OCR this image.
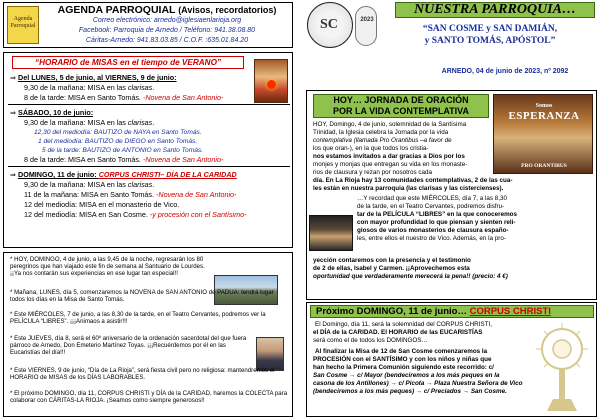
Agenda
Parroquial
AGENDA PARROQUIAL (Avisos, recordatorios)
Correo electrónico: arnedo@iglesiaenlarioja.org
Facebook: Parroquia de Arnedo / Teléfono: 941.38.08.80
Cáritas-Arnedo: 941.83.03.85 / C.O.F. :635.01.84.20
“HORARIO de MISAS en el tiempo de VERANO”
⇒ Del LUNES, 5 de junio, al VIERNES, 9 de junio:
9,30 de la mañana: MISA en las clarisas.
8 de la tarde: MISA en Santo Tomás. -Novena de San Antonio-
⇒ SÁBADO, 10 de junio:
9,30 de la mañana: MISA en las clarisas.
12,30 del mediodía: BAUTIZO de NAYA en Santo Tomás.
1 del mediodía: BAUTIZO de DIEGO en Santo Tomás.
5 de la tarde: BAUTIZO de ANTONIO en Santo Tomás.
8 de la tarde: MISA en Santo Tomás. -Novena de San Antonio-
⇒ DOMINGO, 11 de junio: CORPUS CHRISTI– DÍA DE LA CARIDAD
9,30 de la mañana: MISA en las clarisas.
11 de la mañana: MISA en Santo Tomás. -Novena de San Antonio-
12 del mediodía: MISA en el monasterio de Vico.
12 del mediodía: MISA en San Cosme. -y procesión con el Santísimo-
* HOY, DOMINGO, 4 de junio, a las 9,45 de la noche, regresarán los 80 peregrinos que han viajado este fin de semana al Santuario de Lourdes. ¡¡Ya nos contarán sus experiencias en ese lugar tan especial!!
* Mañana, LUNES, día 5, comenzaremos la NOVENA de SAN ANTONIO de PADUA: tendrá lugar todos los días en la Misa de Santo Tomás.
* Este MIÉRCOLES, 7 de junio, a las 8,30 de la tarde, en el Teatro Cervantes, podremos ver la PELÍCULA “LIBRES”. ¡¡¡Animaos a asistir!!!
* Este JUEVES, día 8, será el 60º aniversario de la ordenación sacerdotal del que fuera párroco de Arnedo, Don Emeterio Martínez Toyas. ¡¡¡Recuérdemos por él en las Eucaristías del día!!!
* Este VIERNES, 9 de junio, “Día de La Rioja”, será fiesta civil pero no religiosa: mantendremos el HORARIO de MISAS de los DÍAS LABORABLES.
* El próximo DOMINGO, día 11, CORPUS CHRISTI y DÍA de la CARIDAD, haremos la COLECTA para colaborar con CÁRITAS-LA RIOJA. ¡Seamos como siempre generosos!!
SC
2023
NUESTRA PARROQUIA…
“SAN COSME y SAN DAMIÁN,
y SANTO TOMÁS, APÓSTOL”
ARNEDO, 04 de junio de 2023, nº 2092
HOY… JORNADA DE ORACIÓN
POR LA VIDA CONTEMPLATIVA	Somos
ESPERANZA
PRO ORANTIBUS
HOY, Domingo, 4 de junio, solemnidad de la Santísima
Trinidad, la Iglesia celebra la Jornada por la vida
contemplativa (llamada Pro Orantibus –a favor de
los que oran-), en la que todos los cristia-
nos estamos invitados a dar gracias a Dios por los
monjes y monjas que entregan su vida en los monaste-
rios de clausura y rezan por nosotros cada
día. En La Rioja hay 13 comunidades contemplativas, 2 de las cua-
les están en nuestra parroquia (las clarisas y las cistercienses).
…Y recordad que este MIÉRCOLES, día 7, a las 8,30
de la tarde, en el Teatro Cervantes, podremos disfru-
tar de la PELÍCULA “LIBRES” en la que conoceremos
con mayor profundidad lo que piensan y sienten reli-
giosos de varios monasterios de clausura españo-
les, entre ellos el nuestro de Vico. Además, en la pro-
yección contaremos con la presencia y el testimonio
de 2 de ellas, Isabel y Carmen. ¡¡Aprovechemos esta
oportunidad que verdaderamente merecerá la pena!! (precio: 4 €)
Próximo DOMINGO, 11 de junio… CORPUS CHRISTI
El Domingo, día 11, será la solemnidad del CORPUS CHRISTI,
el DÍA de la CARIDAD. El HORARIO de las EUCARISTÍAS
será como el de todos los DOMINGOS…
Al finalizar la Misa de 12 de San Cosme comenzaremos la
PROCESIÓN con el SANTÍSIMO y con los niños y niñas que
han hecho la Primera Comunión siguiendo este recorrido: c/
San Cosme → c/ Mayor (bendeciremos a los más peques en la
casona de los Antillones) → c/ Picota → Plaza Nuestra Señora de Vico
(bendeciremos a los más peques) → c/ Preciados → San Cosme.
